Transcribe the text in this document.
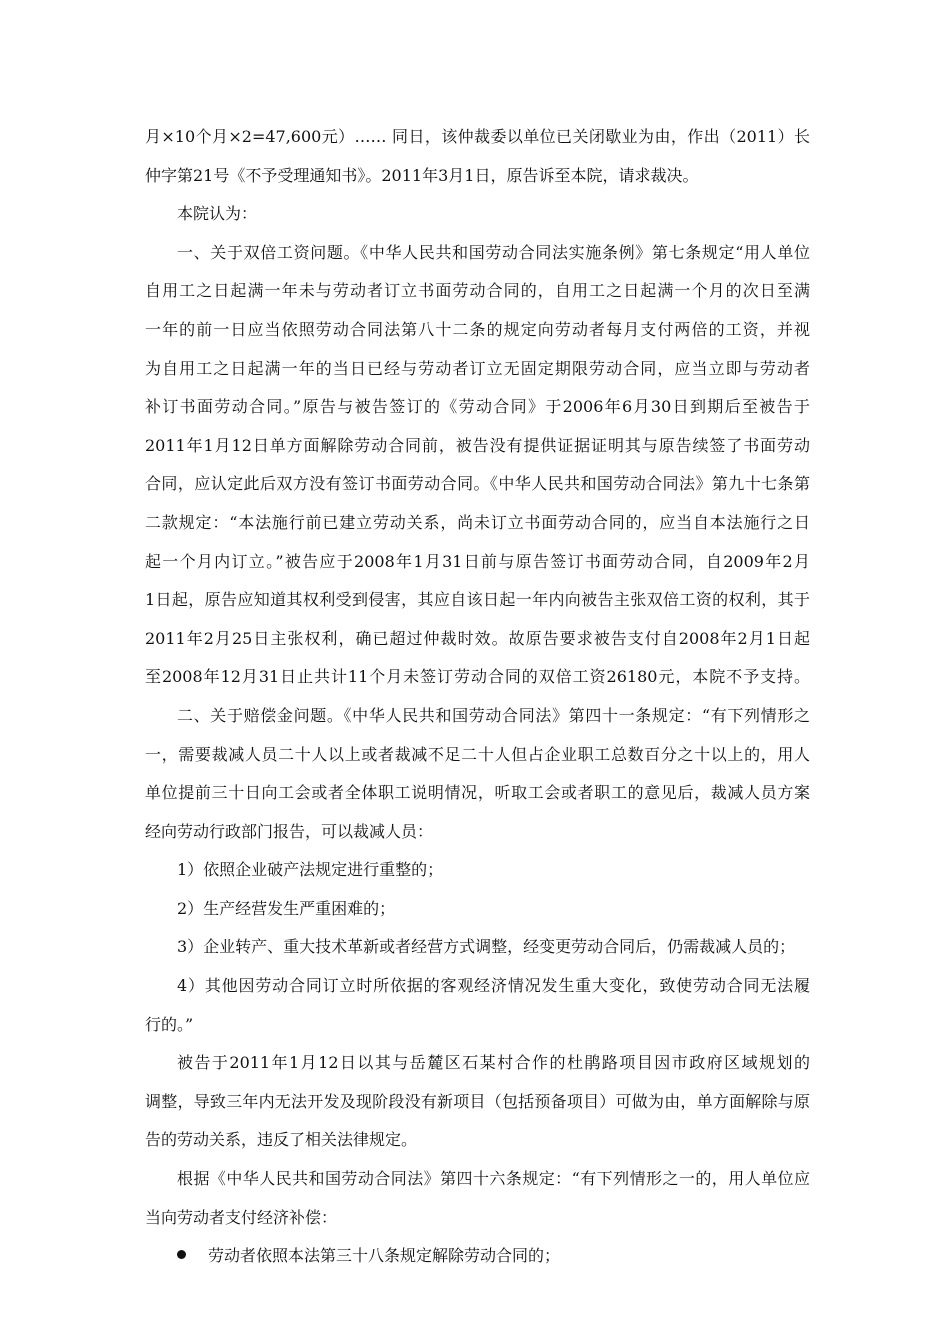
月×10个月×2=47,600元）…… 同日，该仲裁委以单位已关闭歇业为由，作出（2011）长
仲字第21号《不予受理通知书》。2011年3月1日，原告诉至本院，请求裁决。
本院认为：
一、关于双倍工资问题。《中华人民共和国劳动合同法实施条例》第七条规定“用人单位
自用工之日起满一年未与劳动者订立书面劳动合同的，自用工之日起满一个月的次日至满
一年的前一日应当依照劳动合同法第八十二条的规定向劳动者每月支付两倍的工资，并视
为自用工之日起满一年的当日已经与劳动者订立无固定期限劳动合同，应当立即与劳动者
补订书面劳动合同。”原告与被告签订的《劳动合同》于2006年6月30日到期后至被告于
2011年1月12日单方面解除劳动合同前，被告没有提供证据证明其与原告续签了书面劳动
合同，应认定此后双方没有签订书面劳动合同。《中华人民共和国劳动合同法》第九十七条第
二款规定：“本法施行前已建立劳动关系，尚未订立书面劳动合同的，应当自本法施行之日
起一个月内订立。”被告应于2008年1月31日前与原告签订书面劳动合同，自2009年2月
1日起，原告应知道其权利受到侵害，其应自该日起一年内向被告主张双倍工资的权利，其于
2011年2月25日主张权利，确已超过仲裁时效。故原告要求被告支付自2008年2月1日起
至2008年12月31日止共计11个月未签订劳动合同的双倍工资26180元，本院不予支持。
二、关于赔偿金问题。《中华人民共和国劳动合同法》第四十一条规定：“有下列情形之
一，需要裁减人员二十人以上或者裁减不足二十人但占企业职工总数百分之十以上的，用人
单位提前三十日向工会或者全体职工说明情况，听取工会或者职工的意见后，裁减人员方案
经向劳动行政部门报告，可以裁减人员：
1）依照企业破产法规定进行重整的；
2）生产经营发生严重困难的；
3）企业转产、重大技术革新或者经营方式调整，经变更劳动合同后，仍需裁减人员的；
4）其他因劳动合同订立时所依据的客观经济情况发生重大变化，致使劳动合同无法履
行的。”
被告于2011年1月12日以其与岳麓区石某村合作的杜鹃路项目因市政府区域规划的
调整，导致三年内无法开发及现阶段没有新项目（包括预备项目）可做为由，单方面解除与原
告的劳动关系，违反了相关法律规定。
根据《中华人民共和国劳动合同法》第四十六条规定：“有下列情形之一的，用人单位应
当向劳动者支付经济补偿：
劳动者依照本法第三十八条规定解除劳动合同的；
